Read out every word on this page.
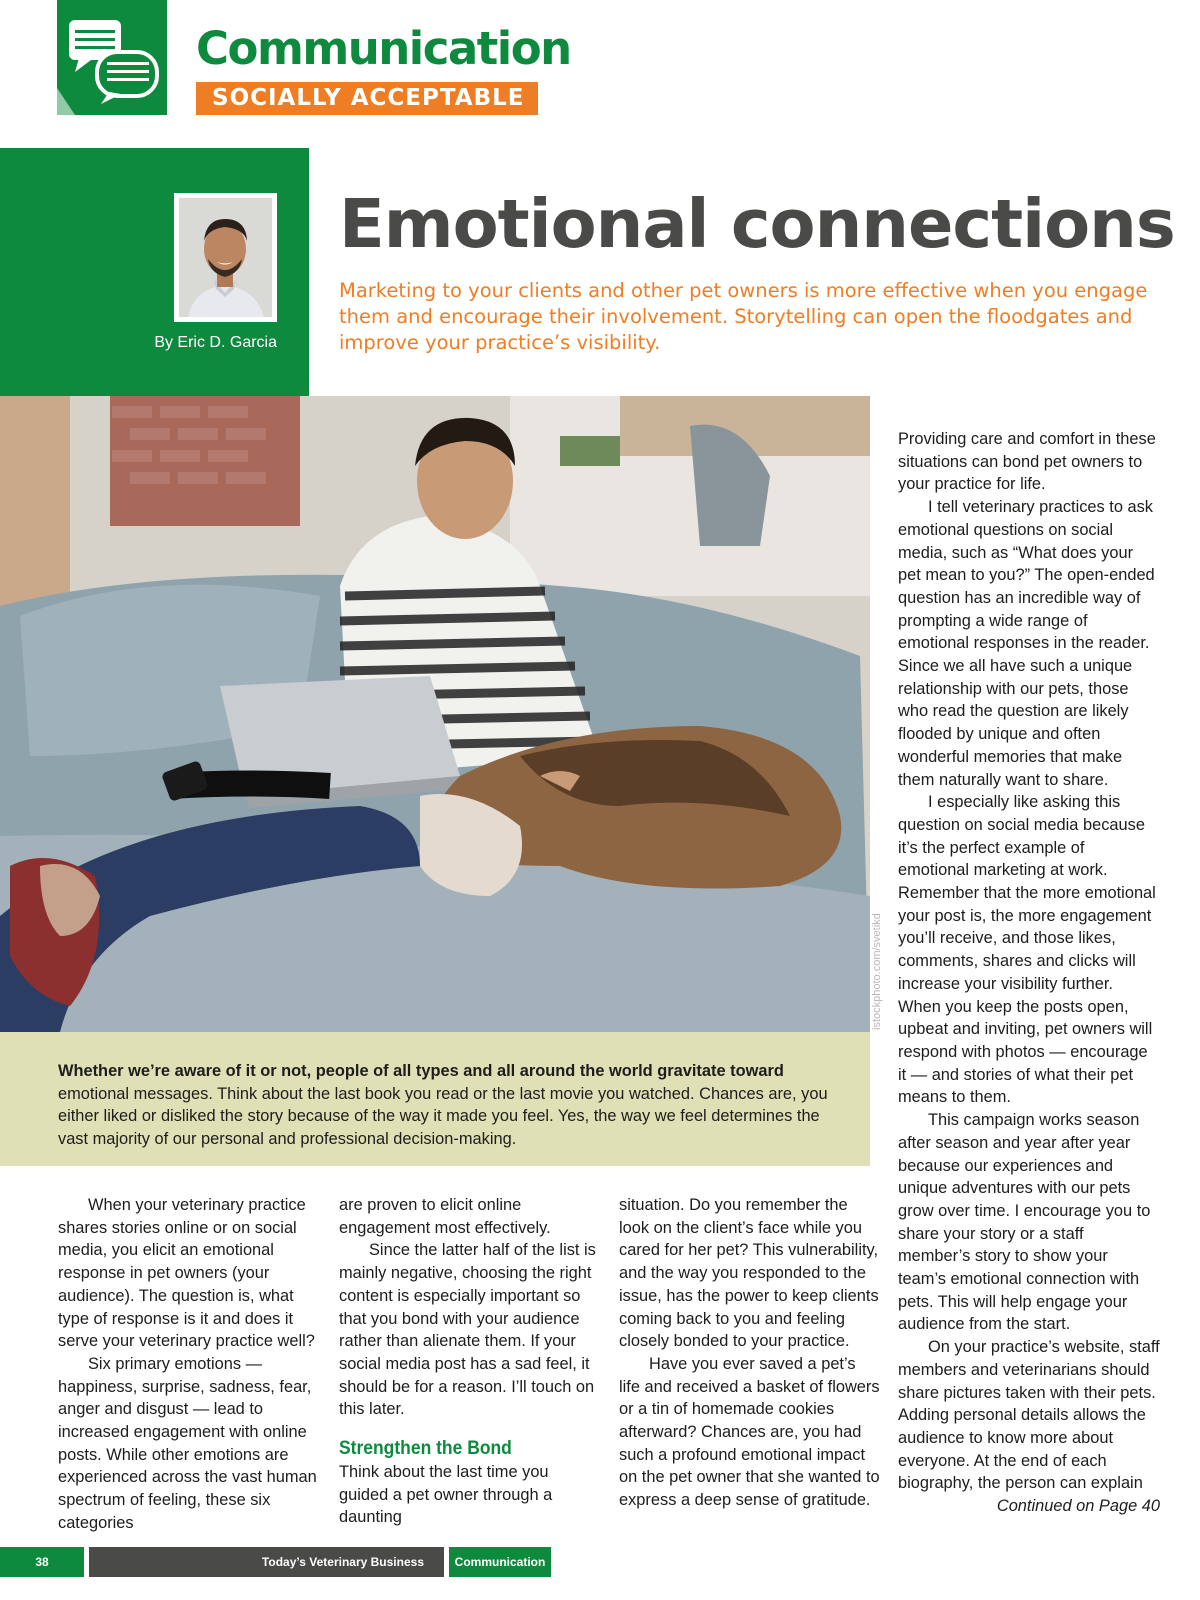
Communication
SOCIALLY ACCEPTABLE
By Eric D. Garcia
Emotional connections
Marketing to your clients and other pet owners is more effective when you engage them and encourage their involvement. Storytelling can open the floodgates and improve your practice’s visibility.
istockphoto.com/svetikd
Whether we’re aware of it or not, people of all types and all around the world gravitate toward
emotional messages. Think about the last book you read or the last movie you watched. Chances are, you either liked or disliked the story because of the way it made you feel. Yes, the way we feel determines the vast majority of our personal and professional decision-making.

When your veterinary practice shares stories online or on social media, you elicit an emotional response in pet owners (your audience). The question is, what type of response is it and does it serve your veterinary practice well?

Six primary emotions — happiness, surprise, sadness, fear, anger and disgust — lead to increased engagement with online posts. While other emotions are experienced across the vast human spectrum of feeling, these six categories

are proven to elicit online engagement most effectively.

Since the latter half of the list is mainly negative, choosing the right content is especially important so that you bond with your audience rather than alienate them. If your social media post has a sad feel, it should be for a reason. I’ll touch on this later.

Strengthen the Bond

Think about the last time you guided a pet owner through a daunting

situation. Do you remember the look on the client’s face while you cared for her pet? This vulnerability, and the way you responded to the issue, has the power to keep clients coming back to you and feeling closely bonded to your practice.

Have you ever saved a pet’s life and received a basket of flowers or a tin of homemade cookies afterward? Chances are, you had such a profound emotional impact on the pet owner that she wanted to express a deep sense of gratitude.

Providing care and comfort in these situations can bond pet owners to your practice for life.

I tell veterinary practices to ask emotional questions on social media, such as “What does your pet mean to you?” The open-ended question has an incredible way of prompting a wide range of emotional responses in the reader. Since we all have such a unique relationship with our pets, those who read the question are likely flooded by unique and often wonderful memories that make them naturally want to share.

I especially like asking this question on social media because it’s the perfect example of emotional marketing at work. Remember that the more emotional your post is, the more engagement you’ll receive, and those likes, comments, shares and clicks will increase your visibility further. When you keep the posts open, upbeat and inviting, pet owners will respond with photos — encourage it — and stories of what their pet means to them.

This campaign works season after season and year after year because our experiences and unique adventures with our pets grow over time. I encourage you to share your story or a staff member’s story to show your team’s emotional connection with pets. This will help engage your audience from the start.

On your practice’s website, staff members and veterinarians should share pictures taken with their pets. Adding personal details allows the audience to know more about everyone. At the end of each biography, the person can explain

Continued on Page 40

38	Today’s Veterinary Business	Communication
